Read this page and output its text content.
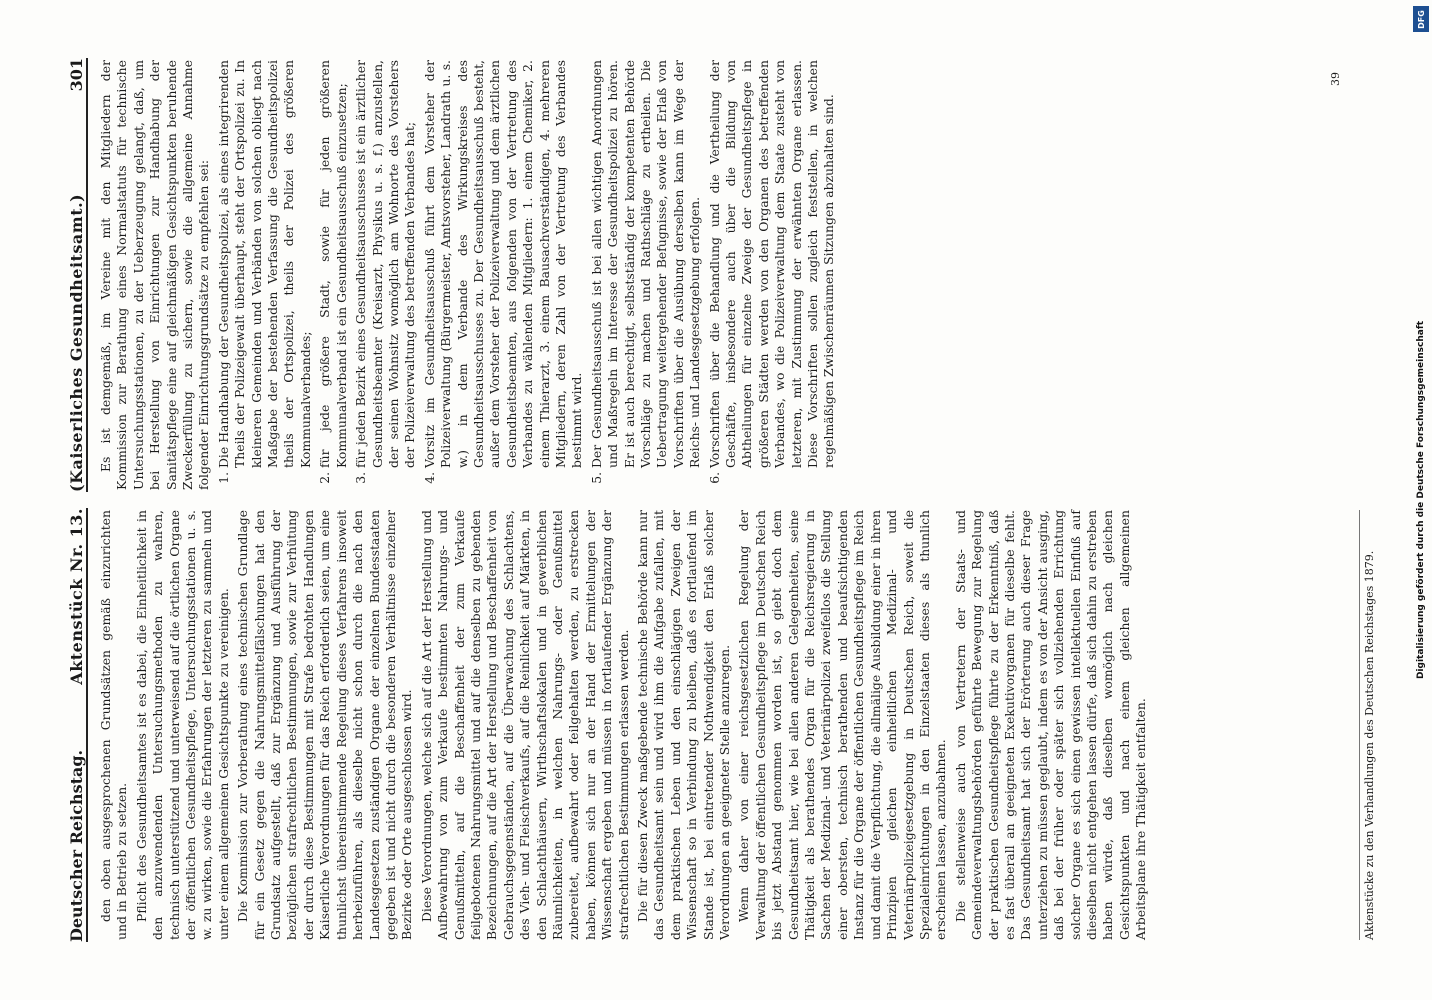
Deutscher Reichstag.
Aktenstück Nr. 13. den oben ausgesprochenen Grundsätzen gemäß einzurichten und in Betrieb zu setzen. Pflicht des Gesundheitsamtes ist es dabei, die Einheitlichkeit in den anzuwendenden Untersuchungsmethoden zu wahren, technisch unterstützend und unterweisend auf die örtlichen Organe der öffentlichen Gesundheitspflege, Untersuchungsstationen u. s. w. zu wirken, sowie die Erfahrungen der letzteren zu sammeln und unter einem allgemeinen Gesichtspunkte zu vereinigen. Die Kommission zur Vorberathung eines technischen Grundlage für ein Gesetz gegen die Nahrungsmittelfälschungen hat den Grundsatz aufgestellt, daß zur Ergänzung und Ausführung der bezüglichen strafrechtlichen Bestimmungen, sowie zur Verhütung der durch diese Bestimmungen mit Strafe bedrohten Handlungen Kaiserliche Verordnungen für das Reich erforderlich seien, um eine thunlichst übereinstimmende Regelung dieses Verfahrens insoweit herbeizuführen, als dieselbe nicht schon durch die nach den Landesgesetzen zuständigen Organe der einzelnen Bundesstaaten gegeben ist und nicht durch die besonderen Verhältnisse einzelner Bezirke oder Orte ausgeschlossen wird. Diese Verordnungen, welche sich auf die Art der Herstellung und Aufbewahrung von zum Verkaufe bestimmten Nahrungs- und Genußmitteln, auf die Beschaffenheit der zum Verkaufe feilgebotenen Nahrungsmittel und auf die denselben zu gebenden Bezeichnungen, auf die Art der Herstellung und Beschaffenheit von Gebrauchsgegenständen, auf die Überwachung des Schlachtens, des Vieh- und Fleischverkaufs, auf die Reinlichkeit auf Märkten, in den Schlachthäusern, Wirthschaftslokalen und in gewerblichen Räumlichkeiten, in welchen Nahrungs- oder Genußmittel zubereitet, aufbewahrt oder feilgehalten werden, zu erstrecken haben, können sich nur an der Hand der Ermittelungen der Wissenschaft ergeben und müssen in fortlaufender Ergänzung der strafrechtlichen Bestimmungen erlassen werden. Die für diesen Zweck maßgebende technische Behörde kann nur das Gesundheitsamt sein und wird ihm die Aufgabe zufallen, mit dem praktischen Leben und den einschlägigen Zweigen der Wissenschaft so in Verbindung zu bleiben, daß es fortlaufend im Stande ist, bei eintretender Nothwendigkeit den Erlaß solcher Verordnungen an geeigneter Stelle anzuregen. Wenn daher von einer reichsgesetzlichen Regelung der Verwaltung der öffentlichen Gesundheitspflege im Deutschen Reich bis jetzt Abstand genommen worden ist, so giebt doch dem Gesundheitsamt hier, wie bei allen anderen Gelegenheiten, seine Thätigkeit als berathendes Organ für die Reichsregierung in Sachen der Medizinal- und Veterinärpolizei zweifellos die Stellung einer obersten, technisch berathenden und beaufsichtigenden Instanz für die Organe der öffentlichen Gesundheitspflege im Reich und damit die Verpflichtung, die allmälige Ausbildung einer in ihren Prinzipien gleichen einheitlichen Medizinal- und Veterinärpolizeigesetzgebung in Deutschen Reich, soweit die Spezialeinrichtungen in den Einzelstaaten dieses als thunlich erscheinen lassen, anzubahnen. Die stellenweise auch von Vertretern der Staats- und Gemeindeverwaltungsbehörden geführte Bewegung zur Regelung der praktischen Gesundheitspflege führte zu der Erkenntniß, daß es fast überall an geeigneten Exekutivorganen für dieselbe fehlt. Das Gesundheitsamt hat sich der Erörterung auch dieser Frage unterziehen zu müssen geglaubt, indem es von der Ansicht ausging, daß bei der früher oder später sich vollziehenden Errichtung solcher Organe es sich einen gewissen intellektuellen Einfluß auf dieselben nicht entgehen lassen dürfe, daß sich dahin zu erstreben haben würde, daß dieselben womöglich nach gleichen Gesichtspunkten und nach einem gleichen allgemeinen Arbeitsplane ihre Thätigkeit entfalten.	Aktenstücke zu den Verhandlungen des Deutschen Reichstages 1879.
(Kaiserliches Gesundheitsamt.)
301 Es ist demgemäß, im Vereine mit den Mitgliedern der Kommission zur Berathung eines Normalstatuts für technische Untersuchungsstationen, zu der Ueberzeugung gelangt, daß, um bei Herstellung von Einrichtungen zur Handhabung der Sanitätspflege eine auf gleichmäßigen Gesichtspunkten beruhende Zweckerfüllung zu sichern, sowie die allgemeine Annahme folgender Einrichtungsgrundsätze zu empfehlen sei: 1. Die Handhabung der Gesundheitspolizei, als eines integrirenden Theils der Polizeigewalt überhaupt, steht der Ortspolizei zu. In kleineren Gemeinden und Verbänden von solchen obliegt nach Maßgabe der bestehenden Verfassung die Gesundheitspolizei theils der Ortspolizei, theils der Polizei des größeren Kommunalverbandes; 2. für jede größere Stadt, sowie für jeden größeren Kommunalverband ist ein Gesundheitsausschuß einzusetzen; 3. für jeden Bezirk eines Gesundheitsausschusses ist ein ärztlicher Gesundheitsbeamter (Kreisarzt, Physikus u. s. f.) anzustellen, der seinen Wohnsitz womöglich am Wohnorte des Vorstehers der Polizeiverwaltung des betreffenden Verbandes hat; 4. Vorsitz im Gesundheitsausschuß führt dem Vorsteher der Polizeiverwaltung (Bürgermeister, Amtsvorsteher, Landrath u. s. w.) in dem Verbande des Wirkungskreises des Gesundheitsausschusses zu. Der Gesundheitsausschuß besteht, außer dem Vorsteher der Polizeiverwaltung und dem ärztlichen Gesundheitsbeamten, aus folgenden von der Vertretung des Verbandes zu wählenden Mitgliedern: 1. einem Chemiker, 2. einem Thierarzt, 3. einem Bausachverständigen, 4. mehreren Mitgliedern, deren Zahl von der Vertretung des Verbandes bestimmt wird. 5. Der Gesundheitsausschuß ist bei allen wichtigen Anordnungen und Maßregeln im Interesse der Gesundheitspolizei zu hören. Er ist auch berechtigt, selbstständig der kompetenten Behörde Vorschläge zu machen und Rathschläge zu ertheilen. Die Uebertragung weitergehender Befugnisse, sowie der Erlaß von Vorschriften über die Ausübung derselben kann im Wege der Reichs- und Landesgesetzgebung erfolgen. 6. Vorschriften über die Behandlung und die Vertheilung der Geschäfte, insbesondere auch über die Bildung von Abtheilungen für einzelne Zweige der Gesundheitspflege in größeren Städten werden von den Organen des betreffenden Verbandes, wo die Polizeiverwaltung dem Staate zusteht von letzteren, mit Zustimmung der erwähnten Organe erlassen. Diese Vorschriften sollen zugleich feststellen, in welchen regelmäßigen Zwischenräumen Sitzungen abzuhalten sind.
39
DFG
Digitalisierung gefördert durch die Deutsche Forschungsgemeinschaft
